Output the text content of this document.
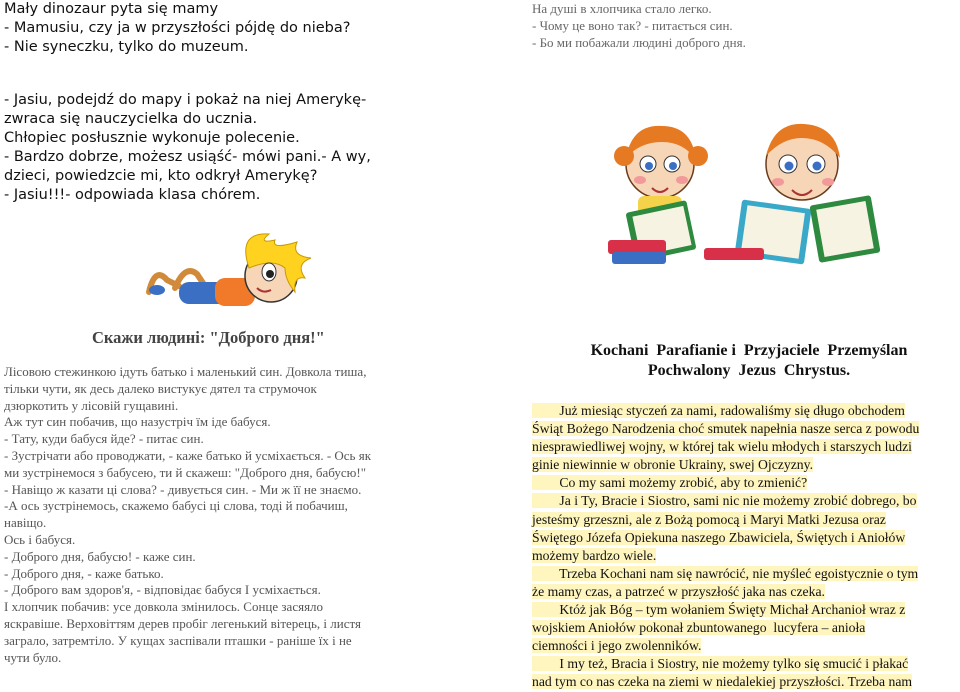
Mały dinozaur pyta się mamy
- Mamusiu, czy ja w przyszłości pójdę do nieba?
- Nie syneczku, tylko do muzeum.
На душі в хлопчика стало легко.
- Чому це воно так? - питається син.
- Бо ми побажали людині доброго дня.
- Jasiu, podejdź do mapy i pokaż na niej Amerykę-
zwraca się nauczycielka do ucznia.
Chłopiec posłusznie wykonuje polecenie.
- Bardzo dobrze, możesz usiąść- mówi pani.- A wy,
dzieci, powiedzcie mi, kto odkrył Amerykę?
- Jasiu!!!- odpowiada klasa chórem.
Скажи людині: "Доброго дня!"
Лісовою стежинкою ідуть батько і маленький син. Довкола тиша,
тільки чути, як десь далеко вистукує дятел та струмочок
дзюркотить у лісовій гущавині.
Аж тут син побачив, що назустріч їм іде бабуся.
- Тату, куди бабуся йде? - питає син.
- Зустрічати або проводжати, - каже батько й усміхається. - Ось як
ми зустрінемося з бабусею, ти й скажеш: "Доброго дня, бабусю!"
- Навіщо ж казати ці слова? - дивується син. - Ми ж її не знаємо.
-А ось зустрінемось, скажемо бабусі ці слова, тоді й побачиш,
навіщо.
Ось і бабуся.
- Доброго дня, бабусю! - каже син.
- Доброго дня, - каже батько.
- Доброго вам здоров'я, - відповідає бабуся І усміхається.
І хлопчик побачив: усе довкола змінилось. Сонце засяяло
яскравіше. Верховіттям дерев пробіг легенький вітерець, і листя
заграло, затремтіло. У кущах заспівали пташки - раніше їх і не
чути було.
Kochani  Parafianie i  Przyjaciele  Przemyślan
Pochwalony  Jezus  Chrystus.
Już miesiąc styczeń za nami, radowaliśmy się długo obchodem
Świąt Bożego Narodzenia choć smutek napełnia nasze serca z powodu
niesprawiedliwej wojny, w której tak wielu młodych i starszych ludzi
ginie niewinnie w obronie Ukrainy, swej Ojczyzny.
Co my sami możemy zrobić, aby to zmienić?
Ja i Ty, Bracie i Siostro, sami nic nie możemy zrobić dobrego, bo
jesteśmy grzeszni, ale z Bożą pomocą i Maryi Matki Jezusa oraz
Świętego Józefa Opiekuna naszego Zbawiciela, Świętych i Aniołów
możemy bardzo wiele.
Trzeba Kochani nam się nawrócić, nie myśleć egoistycznie o tym
że mamy czas, a patrzeć w przyszłość jaka nas czeka.
Któż jak Bóg – tym wołaniem Święty Michał Archanioł wraz z
wojskiem Aniołów pokonał zbuntowanego  lucyfera – anioła
ciemności i jego zwolenników.
I my też, Bracia i Siostry, nie możemy tylko się smucić i płakać
nad tym co nas czeka na ziemi w niedalekiej przyszłości. Trzeba nam
